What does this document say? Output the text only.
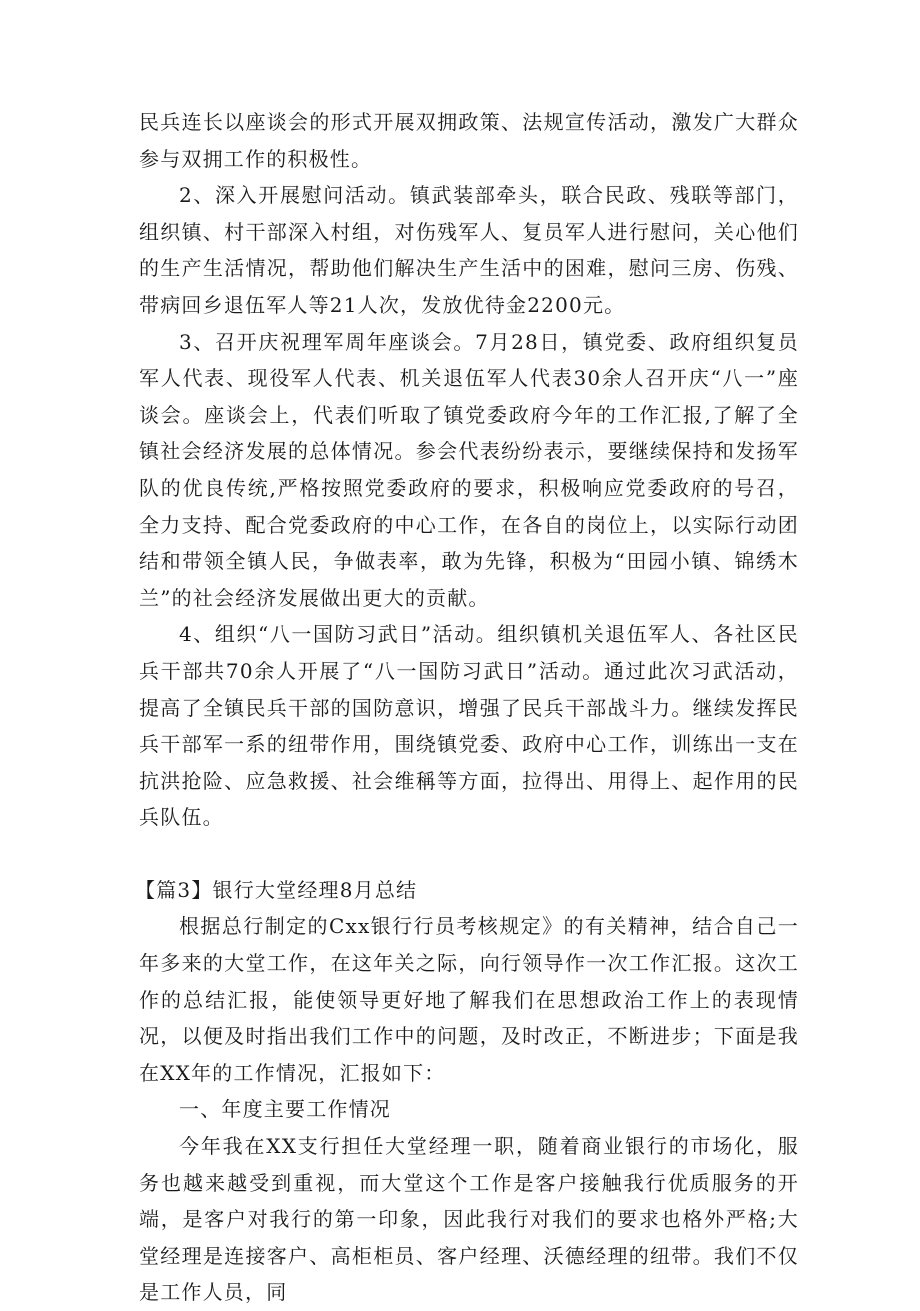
民兵连长以座谈会的形式开展双拥政策、法规宣传活动，激发广大群众参与双拥工作的积极性。

2、深入开展慰问活动。镇武装部牵头，联合民政、残联等部门，组织镇、村干部深入村组，对伤残军人、复员军人进行慰问，关心他们的生产生活情况，帮助他们解决生产生活中的困难，慰问三房、伤残、带病回乡退伍军人等21人次，发放优待金2200元。

3、召开庆祝理军周年座谈会。7月28日，镇党委、政府组织复员军人代表、现役军人代表、机关退伍军人代表30余人召开庆“八一”座谈会。座谈会上，代表们听取了镇党委政府今年的工作汇报,了解了全镇社会经济发展的总体情况。参会代表纷纷表示，要继续保持和发扬军队的优良传统,严格按照党委政府的要求，积极响应党委政府的号召，全力支持、配合党委政府的中心工作，在各自的岗位上，以实际行动团结和带领全镇人民，争做表率，敢为先锋，积极为“田园小镇、锦绣木兰”的社会经济发展做出更大的贡献。

4、组织“八一国防习武日”活动。组织镇机关退伍军人、各社区民兵干部共70余人开展了“八一国防习武日”活动。通过此次习武活动，提高了全镇民兵干部的国防意识，增强了民兵干部战斗力。继续发挥民兵干部军一系的纽带作用，围绕镇党委、政府中心工作，训练出一支在抗洪抢险、应急救援、社会维稱等方面，拉得出、用得上、起作用的民兵队伍。

【篇3】银行大堂经理8月总结

根据总行制定的Cxx银行行员考核规定》的有关精神，结合自己一年多来的大堂工作，在这年关之际，向行领导作一次工作汇报。这次工作的总结汇报，能使领导更好地了解我们在思想政治工作上的表现情况，以便及时指出我们工作中的问题，及时改正，不断进步；下面是我在XX年的工作情况，汇报如下：

一、年度主要工作情况

今年我在XX支行担任大堂经理一职，随着商业银行的市场化，服务也越来越受到重视，而大堂这个工作是客户接触我行优质服务的开端，是客户对我行的第一印象，因此我行对我们的要求也格外严格;大堂经理是连接客户、高柜柜员、客户经理、沃德经理的纽带。我们不仅是工作人员，同
